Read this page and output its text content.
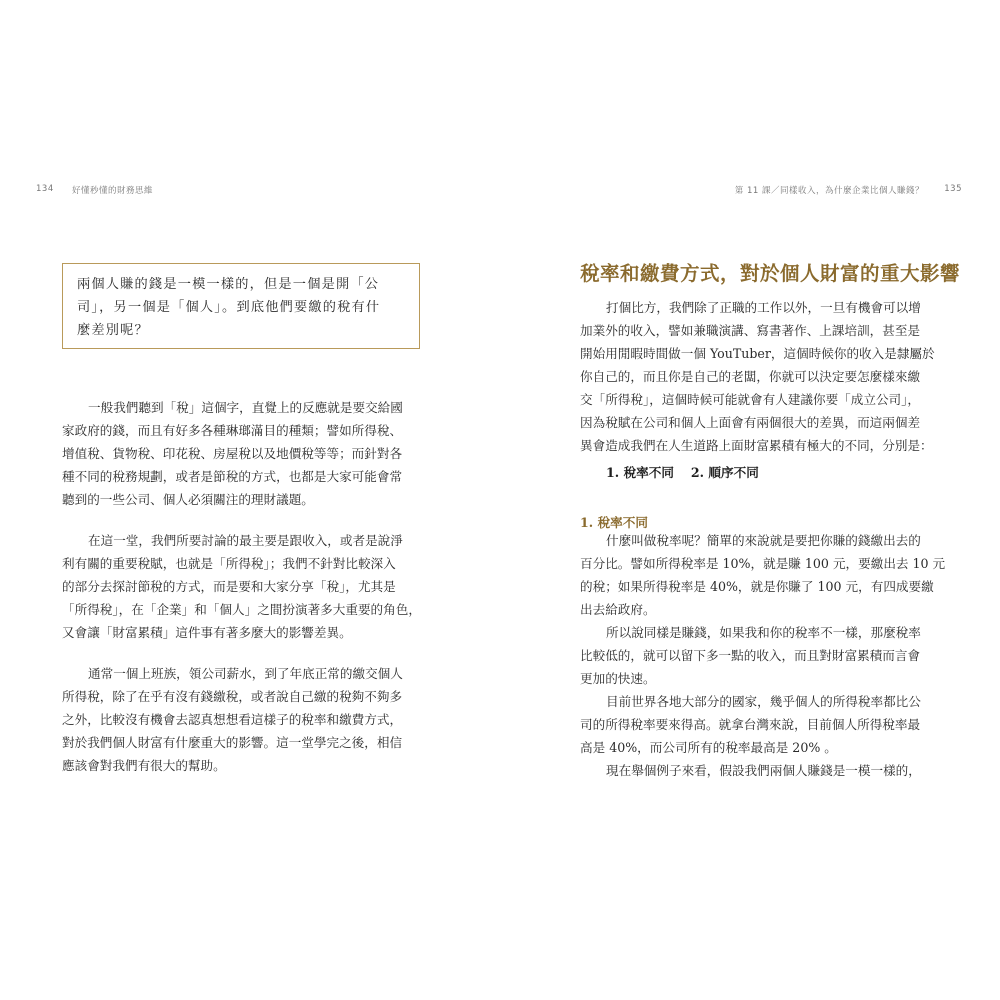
134 好懂秒懂的財務思維
兩個人賺的錢是一模一樣的，但是一個是開「公
司」，另一個是「個人」。到底他們要繳的稅有什
麼差別呢？
一般我們聽到「稅」這個字，直覺上的反應就是要交給國
家政府的錢，而且有好多各種琳瑯滿目的種類；譬如所得稅、
增值稅、貨物稅、印花稅、房屋稅以及地價稅等等；而針對各
種不同的稅務規劃，或者是節稅的方式，也都是大家可能會常
聽到的一些公司、個人必須關注的理財議題。
在這一堂，我們所要討論的最主要是跟收入，或者是說淨
利有關的重要稅賦，也就是「所得稅」；我們不針對比較深入
的部分去探討節稅的方式，而是要和大家分享「稅」，尤其是
「所得稅」，在「企業」和「個人」之間扮演著多大重要的角色，
又會讓「財富累積」這件事有著多麼大的影響差異。
通常一個上班族，領公司薪水，到了年底正常的繳交個人
所得稅，除了在乎有沒有錢繳稅，或者說自己繳的稅夠不夠多
之外，比較沒有機會去認真想想看這樣子的稅率和繳費方式，
對於我們個人財富有什麼重大的影響。這一堂學完之後，相信
應該會對我們有很大的幫助。
第 11 課／同樣收入，為什麼企業比個人賺錢？ 135
稅率和繳費方式，對於個人財富的重大影響
打個比方，我們除了正職的工作以外，一旦有機會可以增
加業外的收入，譬如兼職演講、寫書著作、上課培訓，甚至是
開始用閒暇時間做一個 YouTuber，這個時候你的收入是隸屬於
你自己的，而且你是自己的老闆，你就可以決定要怎麼樣來繳
交「所得稅」，這個時候可能就會有人建議你要「成立公司」，
因為稅賦在公司和個人上面會有兩個很大的差異，而這兩個差
異會造成我們在人生道路上面財富累積有極大的不同，分別是：
1. 稅率不同　 2. 順序不同
1. 稅率不同
什麼叫做稅率呢？簡單的來說就是要把你賺的錢繳出去的
百分比。譬如所得稅率是 10%，就是賺 100 元，要繳出去 10 元
的稅；如果所得稅率是 40%，就是你賺了 100 元，有四成要繳
出去給政府。
所以說同樣是賺錢，如果我和你的稅率不一樣，那麼稅率
比較低的，就可以留下多一點的收入，而且對財富累積而言會
更加的快速。
目前世界各地大部分的國家，幾乎個人的所得稅率都比公
司的所得稅率要來得高。就拿台灣來說，目前個人所得稅率最
高是 40%，而公司所有的稅率最高是 20% 。
現在舉個例子來看，假設我們兩個人賺錢是一模一樣的，
